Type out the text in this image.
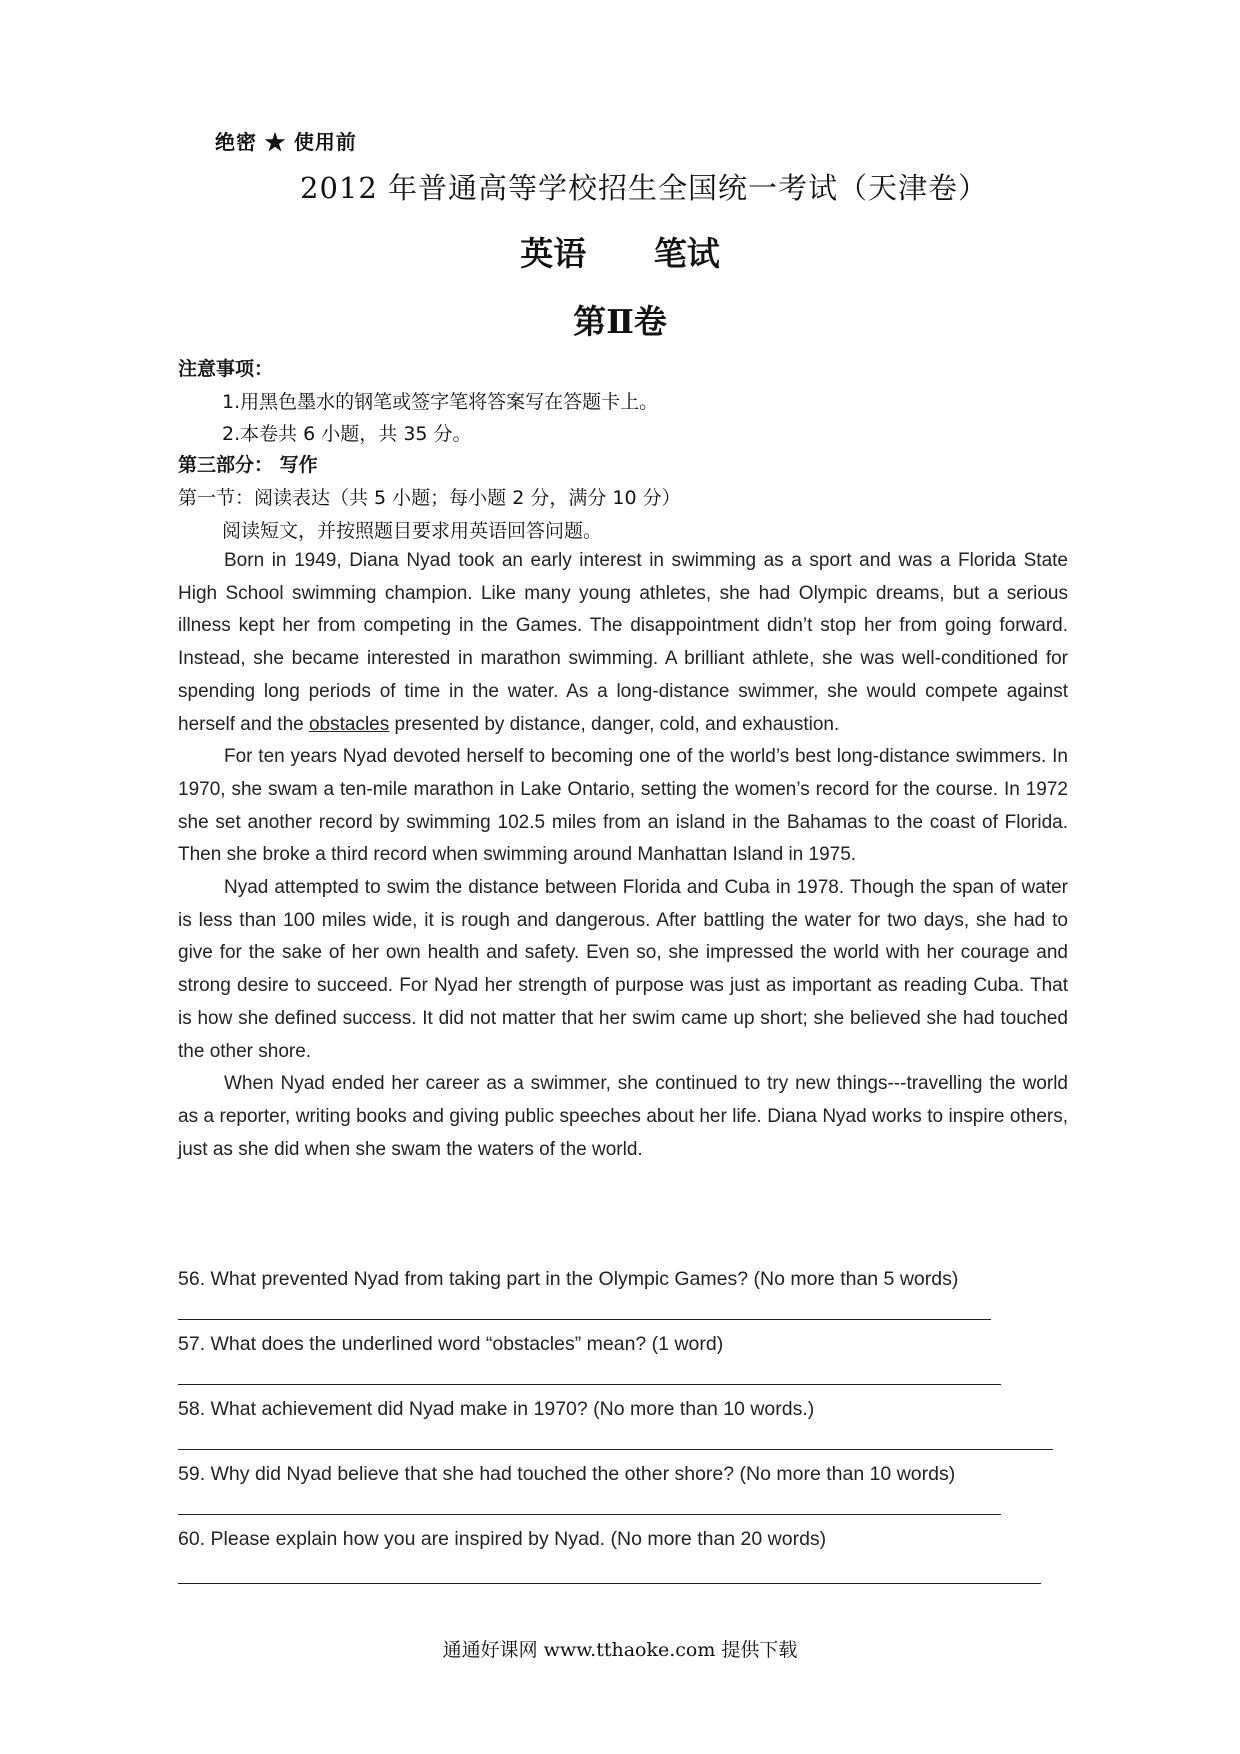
绝密 ★ 使用前
2012 年普通高等学校招生全国统一考试（天津卷）
英语 笔试
第Ⅱ卷
注意事项：
1.用黑色墨水的钢笔或签字笔将答案写在答题卡上。
2.本卷共 6 小题，共 35 分。
第三部分： 写作
第一节：阅读表达（共 5 小题；每小题 2 分，满分 10 分）
阅读短文，并按照题目要求用英语回答问题。

Born in 1949, Diana Nyad took an early interest in swimming as a sport and was a Florida State High School swimming champion. Like many young athletes, she had Olympic dreams, but a serious illness kept her from competing in the Games. The disappointment didn’t stop her from going forward. Instead, she became interested in marathon swimming. A brilliant athlete, she was well-conditioned for spending long periods of time in the water. As a long-distance swimmer, she would compete against herself and the obstacles presented by distance, danger, cold, and exhaustion.

For ten years Nyad devoted herself to becoming one of the world’s best long-distance swimmers. In 1970, she swam a ten-mile marathon in Lake Ontario, setting the women’s record for the course. In 1972 she set another record by swimming 102.5 miles from an island in the Bahamas to the coast of Florida. Then she broke a third record when swimming around Manhattan Island in 1975.

Nyad attempted to swim the distance between Florida and Cuba in 1978. Though the span of water is less than 100 miles wide, it is rough and dangerous. After battling the water for two days, she had to give for the sake of her own health and safety. Even so, she impressed the world with her courage and strong desire to succeed. For Nyad her strength of purpose was just as important as reading Cuba. That is how she defined success. It did not matter that her swim came up short; she believed she had touched the other shore.

When Nyad ended her career as a swimmer, she continued to try new things---travelling the world as a reporter, writing books and giving public speeches about her life. Diana Nyad works to inspire others, just as she did when she swam the waters of the world.

56. What prevented Nyad from taking part in the Olympic Games? (No more than 5 words)
57. What does the underlined word “obstacles” mean? (1 word)
58. What achievement did Nyad make in 1970? (No more than 10 words.)
59. Why did Nyad believe that she had touched the other shore? (No more than 10 words)
60. Please explain how you are inspired by Nyad. (No more than 20 words)
通通好课网 www.tthaoke.com 提供下载
